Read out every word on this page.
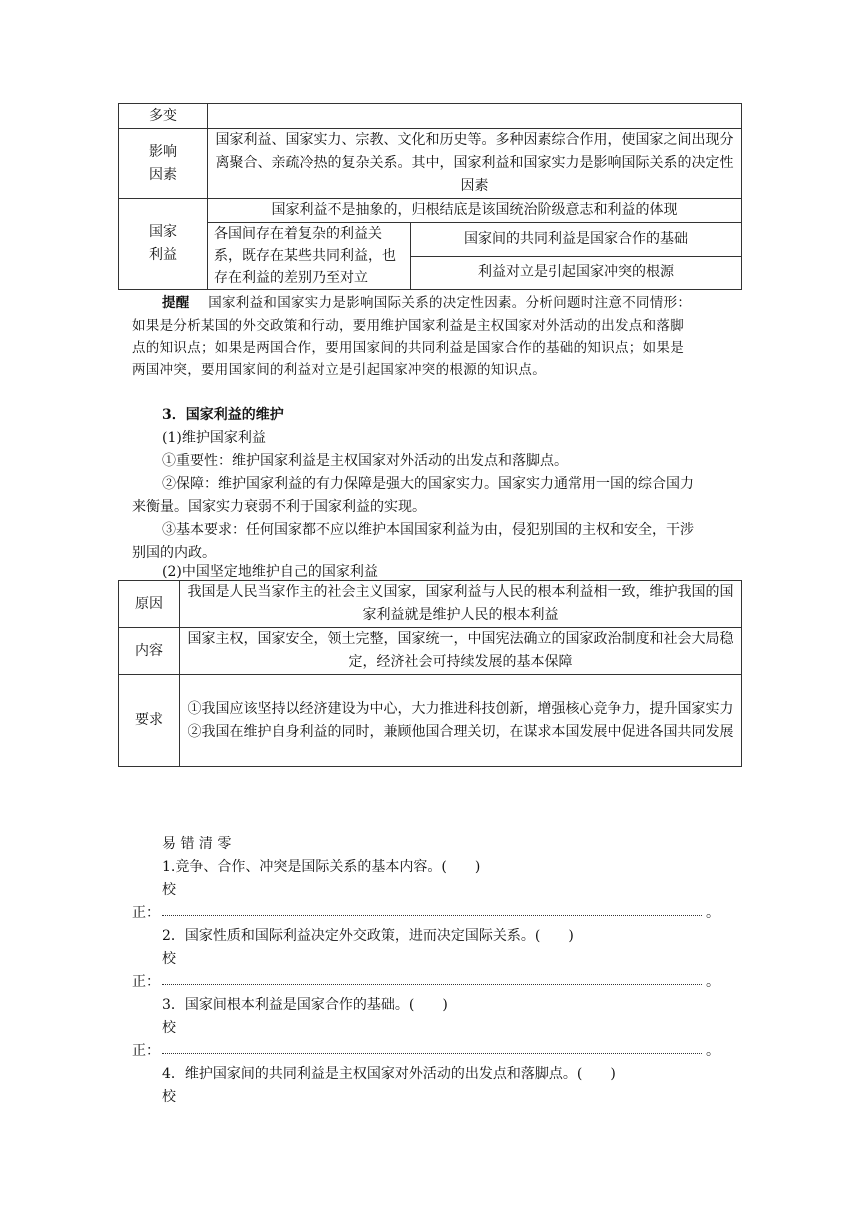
多变		

影响因素	国家利益、国家实力、宗教、文化和历史等。多种因素综合作用，使国家之间出现分离聚合、亲疏冷热的复杂关系。其中，国家利益和国家实力是影响国际关系的决定性因素	

国家利益	国家利益不是抽象的，归根结底是该国统治阶级意志和利益的体现	
	各国间存在着复杂的利益关系，既存在某些共同利益，也存在利益的差别乃至对立	国家间的共同利益是国家合作的基础
		利益对立是引起国家冲突的根源
提醒 国家利益和国家实力是影响国际关系的决定性因素。分析问题时注意不同情形：
如果是分析某国的外交政策和行动，要用维护国家利益是主权国家对外活动的出发点和落脚
点的知识点；如果是两国合作，要用国家间的共同利益是国家合作的基础的知识点；如果是
两国冲突，要用国家间的利益对立是引起国家冲突的根源的知识点。
3．国家利益的维护
(1)维护国家利益
①重要性：维护国家利益是主权国家对外活动的出发点和落脚点。
②保障：维护国家利益的有力保障是强大的国家实力。国家实力通常用一国的综合国力
来衡量。国家实力衰弱不利于国家利益的实现。
③基本要求：任何国家都不应以维护本国国家利益为由，侵犯别国的主权和安全，干涉
别国的内政。
(2)中国坚定地维护自己的国家利益
原因	我国是人民当家作主的社会主义国家，国家利益与人民的根本利益相一致，维护我国的国家利益就是维护人民的根本利益
内容	国家主权，国家安全，领土完整，国家统一，中国宪法确立的国家政治制度和社会大局稳定，经济社会可持续发展的基本保障
要求	①我国应该坚持以经济建设为中心，大力推进科技创新，增强核心竞争力，提升国家实力
②我国在维护自身利益的同时，兼顾他国合理关切，在谋求本国发展中促进各国共同发展
易 错 清 零
1.竞争、合作、冲突是国际关系的基本内容。(　　)
校
正：	。
2．国家性质和国际利益决定外交政策，进而决定国际关系。(　　)
校
正：	。
3．国家间根本利益是国家合作的基础。(　　)
校
正：	。
4．维护国家间的共同利益是主权国家对外活动的出发点和落脚点。(　　)
校
